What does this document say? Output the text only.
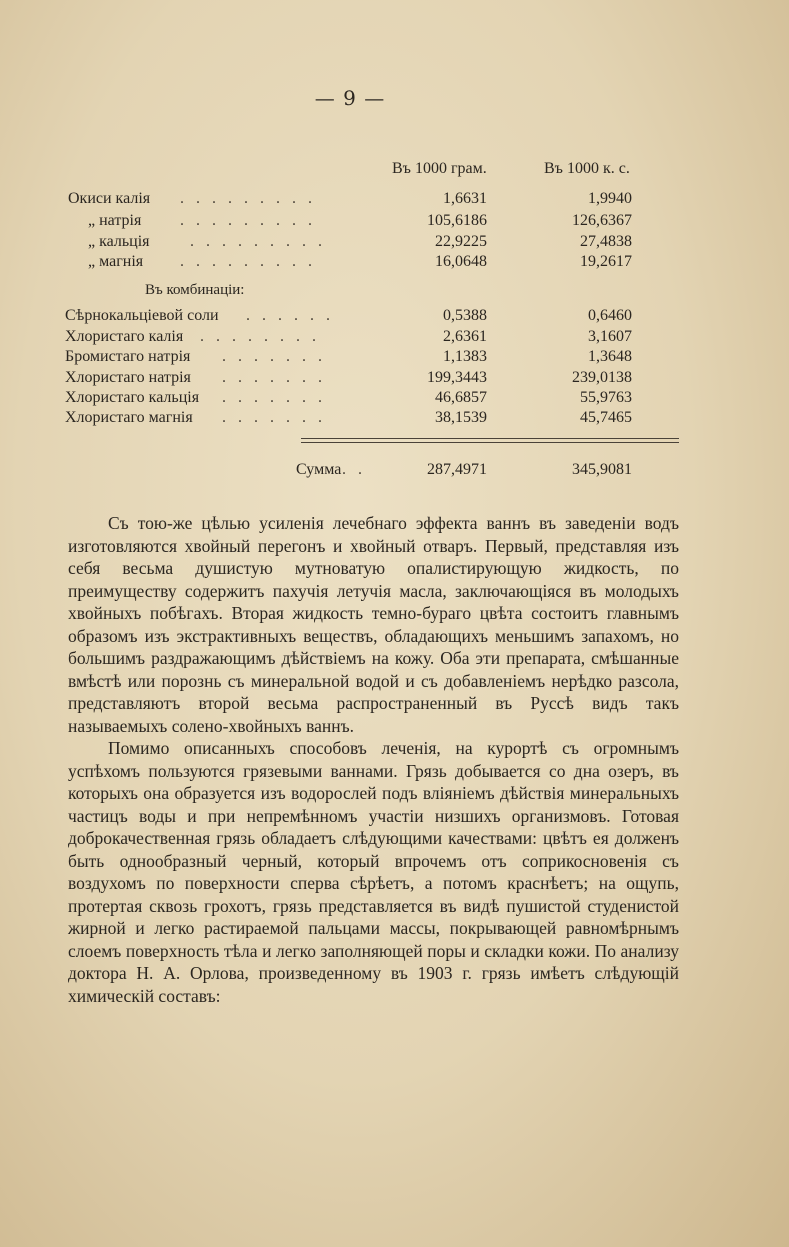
— 9 —
Въ 1000 грам.	Въ 1000 к. с.
. . . . . . . . .
Окиси калія	1,6631	1,9940
. . . . . . . . .
„ натрія	105,6186	126,6367
. . . . . . . . .
„ кальція	22,9225	27,4838
. . . . . . . . .
„ магнія	16,0648	19,2617
Въ комбинаціи:
. . . . . .
Сѣрнокальціевой соли	0,5388	0,6460
. . . . . . . .
Хлористаго калія	2,6361	3,1607
. . . . . . .
Бромистаго натрія	1,1383	1,3648
. . . . . . .
Хлористаго натрія	199,3443	239,0138
. . . . . . .
Хлористаго кальція	46,6857	55,9763
. . . . . . .
Хлористаго магнія	38,1539	45,7465
Сумма . .	287,4971	345,9081

Съ тою-же цѣлью усиленія лечебнаго эффекта ваннъ въ заведеніи водъ изготовляются хвойный перегонъ и хвойный отваръ. Первый, представляя изъ себя весьма душистую мутноватую опалистирующую жидкость, по преимуществу содержитъ пахучія летучія масла, заключающіяся въ молодыхъ хвойныхъ побѣгахъ. Вторая жидкость темно-бураго цвѣта состоитъ главнымъ образомъ изъ экстрактивныхъ веществъ, обладающихъ меньшимъ запахомъ, но большимъ раздражающимъ дѣйствіемъ на кожу. Оба эти препарата, смѣшанные вмѣстѣ или порознь съ минеральной водой и съ добавленіемъ нерѣдко разсола, представляютъ второй весьма распространенный въ Руссѣ видъ такъ называемыхъ солено-хвойныхъ ваннъ.

Помимо описанныхъ способовъ леченія, на курортѣ съ огромнымъ успѣхомъ пользуются грязевыми ваннами. Грязь добывается со дна озеръ, въ которыхъ она образуется изъ водорослей подъ вліяніемъ дѣйствія минеральныхъ частицъ воды и при непремѣнномъ участіи низшихъ организмовъ. Готовая доброкачественная грязь обладаетъ слѣдующими качествами: цвѣтъ ея долженъ быть однообразный черный, который впрочемъ отъ соприкосновенія съ воздухомъ по поверхности сперва сѣрѣетъ, а потомъ краснѣетъ; на ощупь, протертая сквозь грохотъ, грязь представляется въ видѣ пушистой студенистой жирной и легко растираемой пальцами массы, покрывающей равномѣрнымъ слоемъ поверхность тѣла и легко заполняющей поры и складки кожи. По анализу доктора Н. А. Орлова, произведенному въ 1903 г. грязь имѣетъ слѣдующій химическій составъ:
